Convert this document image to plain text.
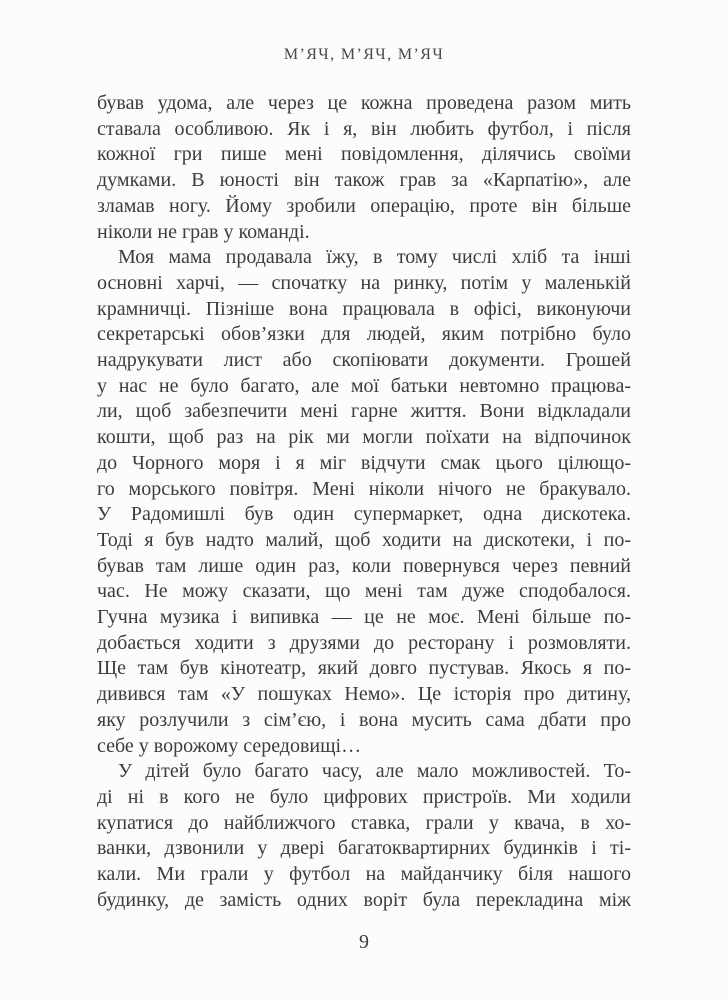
М’ЯЧ, М’ЯЧ, М’ЯЧ
бував удома, але через це кожна проведена разом мить
ставала особливою. Як і я, він любить футбол, і після
кожної гри пише мені повідомлення, ділячись своїми
думками. В юності він також грав за «Карпатію», але
зламав ногу. Йому зробили операцію, проте він більше
ніколи не грав у команді.
Моя мама продавала їжу, в тому числі хліб та інші
основні харчі, — спочатку на ринку, потім у маленькій
крамничці. Пізніше вона працювала в офісі, виконуючи
секретарські обов’язки для людей, яким потрібно було
надрукувати лист або скопіювати документи. Грошей
у нас не було багато, але мої батьки невтомно працюва-
ли, щоб забезпечити мені гарне життя. Вони відкладали
кошти, щоб раз на рік ми могли поїхати на відпочинок
до Чорного моря і я міг відчути смак цього цілющо-
го морського повітря. Мені ніколи нічого не бракувало.
У Радомишлі був один супермаркет, одна дискотека.
Тоді я був надто малий, щоб ходити на дискотеки, і по-
бував там лише один раз, коли повернувся через певний
час. Не можу сказати, що мені там дуже сподобалося.
Гучна музика і випивка — це не моє. Мені більше по-
добається ходити з друзями до ресторану і розмовляти.
Ще там був кінотеатр, який довго пустував. Якось я по-
дивився там «У пошуках Немо». Це історія про дитину,
яку розлучили з сім’єю, і вона мусить сама дбати про
себе у ворожому середовищі…
У дітей було багато часу, але мало можливостей. То-
ді ні в кого не було цифрових пристроїв. Ми ходили
купатися до найближчого ставка, грали у квача, в хо-
ванки, дзвонили у двері багатоквартирних будинків і ті-
кали. Ми грали у футбол на майданчику біля нашого
будинку, де замість одних воріт була перекладина між
9
